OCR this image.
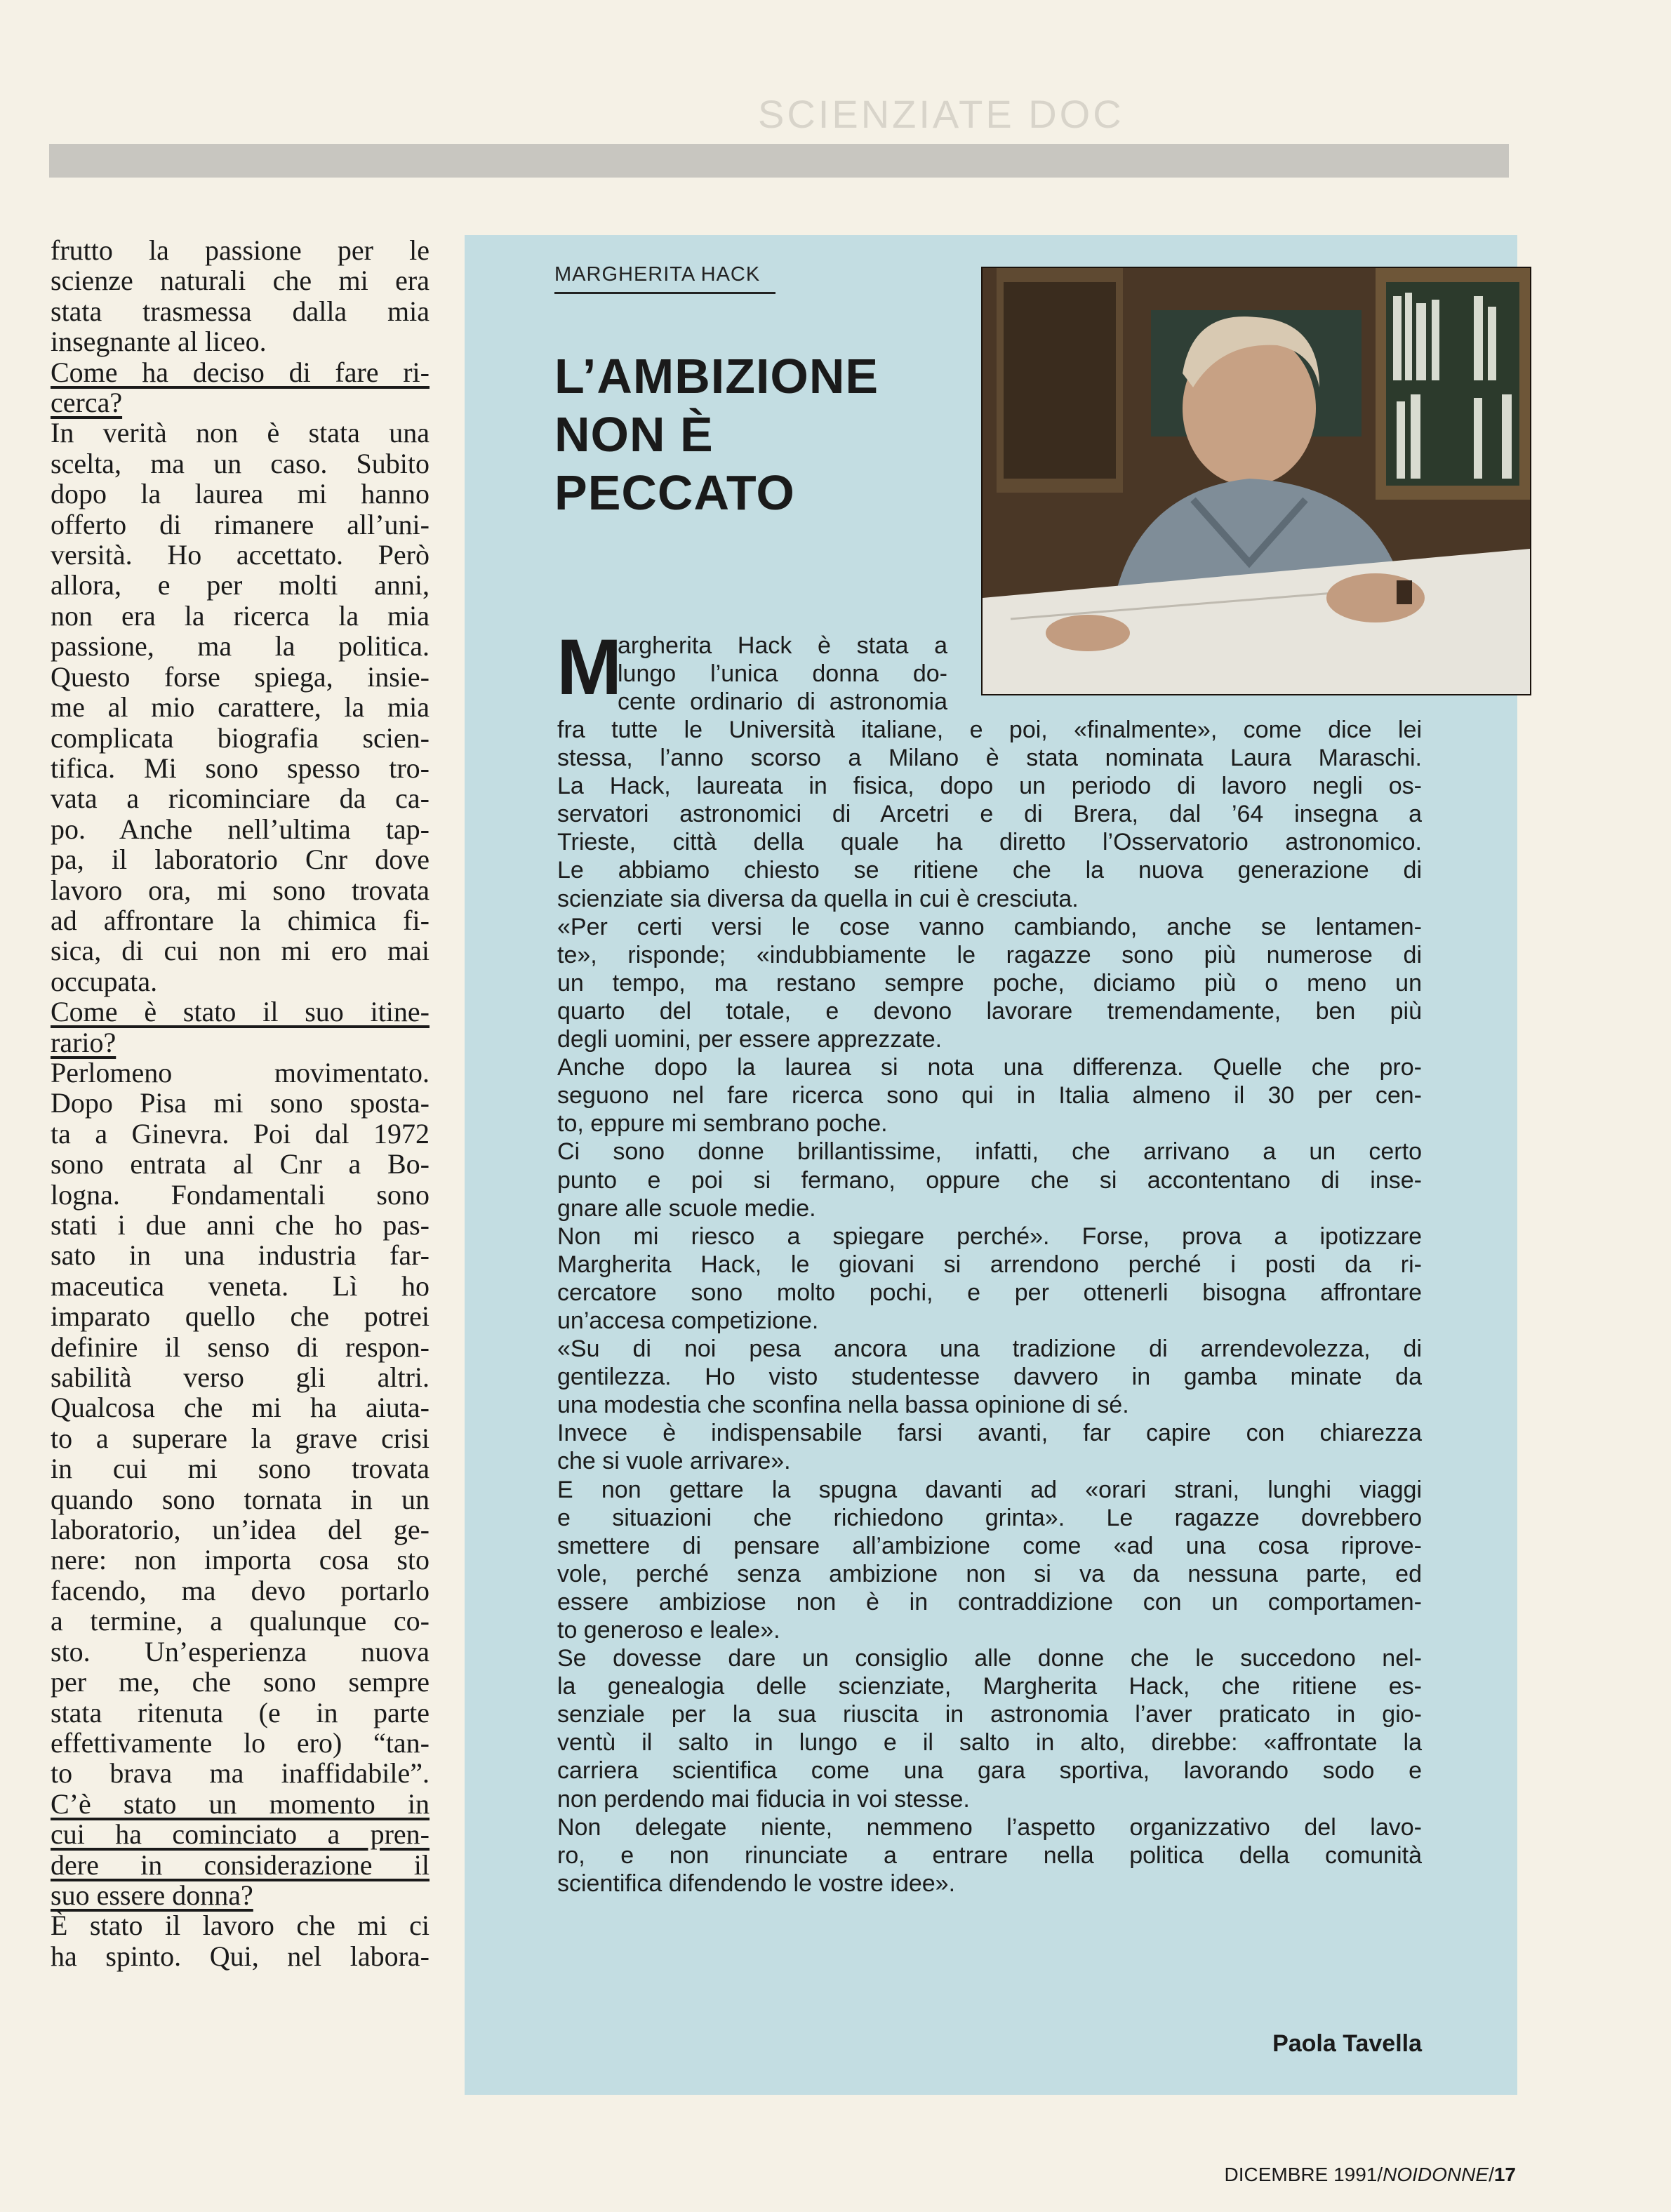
SCIENZIATE DOC
frutto la passione per le
scienze naturali che mi era
stata trasmessa dalla mia
insegnante al liceo.
Come ha deciso di fare ri-
cerca?
In verità non è stata una
scelta, ma un caso. Subito
dopo la laurea mi hanno
offerto di rimanere all’uni-
versità. Ho accettato. Però
allora, e per molti anni,
non era la ricerca la mia
passione, ma la politica.
Questo forse spiega, insie-
me al mio carattere, la mia
complicata biografia scien-
tifica. Mi sono spesso tro-
vata a ricominciare da ca-
po. Anche nell’ultima tap-
pa, il laboratorio Cnr dove
lavoro ora, mi sono trovata
ad affrontare la chimica fi-
sica, di cui non mi ero mai
occupata.
Come è stato il suo itine-
rario?
Perlomeno movimentato.
Dopo Pisa mi sono sposta-
ta a Ginevra. Poi dal 1972
sono entrata al Cnr a Bo-
logna. Fondamentali sono
stati i due anni che ho pas-
sato in una industria far-
maceutica veneta. Lì ho
imparato quello che potrei
definire il senso di respon-
sabilità verso gli altri.
Qualcosa che mi ha aiuta-
to a superare la grave crisi
in cui mi sono trovata
quando sono tornata in un
laboratorio, un’idea del ge-
nere: non importa cosa sto
facendo, ma devo portarlo
a termine, a qualunque co-
sto. Un’esperienza nuova
per me, che sono sempre
stata ritenuta (e in parte
effettivamente lo ero) “tan-
to brava ma inaffidabile”.
C’è stato un momento in
cui ha cominciato a pren-
dere in considerazione il
suo essere donna?
È stato il lavoro che mi ci
ha spinto. Qui, nel labora-
MARGHERITA HACK
L’AMBIZIONE
NON È
PECCATO
M
argherita Hack è stata a
lungo l’unica donna do-
cente ordinario di astronomia
fra tutte le Università italiane, e poi, «finalmente», come dice lei
stessa, l’anno scorso a Milano è stata nominata Laura Maraschi.
La Hack, laureata in fisica, dopo un periodo di lavoro negli os-
servatori astronomici di Arcetri e di Brera, dal ’64 insegna a
Trieste, città della quale ha diretto l’Osservatorio astronomico.
Le abbiamo chiesto se ritiene che la nuova generazione di
scienziate sia diversa da quella in cui è cresciuta.
«Per certi versi le cose vanno cambiando, anche se lentamen-
te», risponde; «indubbiamente le ragazze sono più numerose di
un tempo, ma restano sempre poche, diciamo più o meno un
quarto del totale, e devono lavorare tremendamente, ben più
degli uomini, per essere apprezzate.
Anche dopo la laurea si nota una differenza. Quelle che pro-
seguono nel fare ricerca sono qui in Italia almeno il 30 per cen-
to, eppure mi sembrano poche.
Ci sono donne brillantissime, infatti, che arrivano a un certo
punto e poi si fermano, oppure che si accontentano di inse-
gnare alle scuole medie.
Non mi riesco a spiegare perché». Forse, prova a ipotizzare
Margherita Hack, le giovani si arrendono perché i posti da ri-
cercatore sono molto pochi, e per ottenerli bisogna affrontare
un’accesa competizione.
«Su di noi pesa ancora una tradizione di arrendevolezza, di
gentilezza. Ho visto studentesse davvero in gamba minate da
una modestia che sconfina nella bassa opinione di sé.
Invece è indispensabile farsi avanti, far capire con chiarezza
che si vuole arrivare».
E non gettare la spugna davanti ad «orari strani, lunghi viaggi
e situazioni che richiedono grinta». Le ragazze dovrebbero
smettere di pensare all’ambizione come «ad una cosa riprove-
vole, perché senza ambizione non si va da nessuna parte, ed
essere ambiziose non è in contraddizione con un comportamen-
to generoso e leale».
Se dovesse dare un consiglio alle donne che le succedono nel-
la genealogia delle scienziate, Margherita Hack, che ritiene es-
senziale per la sua riuscita in astronomia l’aver praticato in gio-
ventù il salto in lungo e il salto in alto, direbbe: «affrontate la
carriera scientifica come una gara sportiva, lavorando sodo e
non perdendo mai fiducia in voi stesse.
Non delegate niente, nemmeno l’aspetto organizzativo del lavo-
ro, e non rinunciate a entrare nella politica della comunità
scientifica difendendo le vostre idee».
Paola Tavella
DICEMBRE 1991/NOIDONNE/17
